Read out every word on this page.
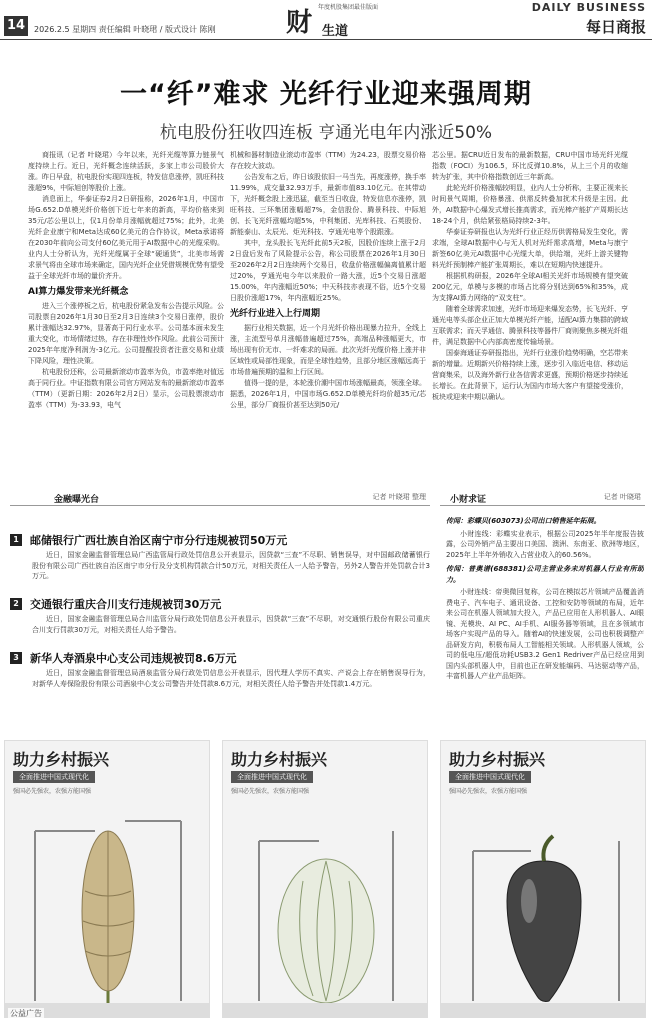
14	2026.2.5 星期四 责任编辑 叶晓珺 / 版式设计 陈刚	财
年度机股集团最佳版面
生道
DAILY BUSINESS
每日商报
一“纤”难求 光纤行业迎来强周期
杭电股份狂收四连板 亨通光电年内涨近50%

商报讯（记者 叶晓珺）今年以来，光纤光缆等算力链景气度持续上行。近日，光纤概念连续活跃，多家上市公司股价大涨。昨日早盘，杭电股份实现四连板，特发信息涨停，凯旺科技涨超9%，中际旭创等股价上涨。

消息面上，华泰证券2月2日研报称，2026年1月，中国市场G.652.D单模光纤价格创下近七年来的新高，平均价格来到35元/芯公里以上，仅1月份单月涨幅就超过75%；此外，北美光纤企业康宁和Meta达成60亿美元的合作协议，Meta承诺将在2030年前向公司支付60亿美元用于AI数据中心的光缆采购。业内人士分析认为，光纤光缆属于全球“硬通货”，北美市场需求景气将由全球市场来确定，国内光纤企业凭借规模优势有望受益于全球光纤市场的量价齐升。

AI算力爆发带来光纤概念

进入三个涨停板之后，杭电股份紧急发布公告提示风险。公司股票自2026年1月30日至2月3日连续3个交易日涨停，股价累计涨幅达32.97%，显著高于同行业水平。公司基本面未发生重大变化，市场情绪过热，存在非理性炒作风险。此前公司预计2025年年度净利润为-3亿元。公司提醒投资者注意交易和业绩下降风险，理性决策。

杭电股份还称，公司最新滚动市盈率为负，市盈率绝对值远高于同行业。中证指数有限公司官方网站发布的最新滚动市盈率（TTM）（更新日期：2026年2月2日）显示，公司股票滚动市盈率（TTM）为-33.93，电气

机械和器材制造业滚动市盈率（TTM）为24.23，股票交易价格存在较大波动。

公告发布之后，昨日该股依旧一马当先，再度涨停，换手率11.99%，成交量32.93万手，最新市值83.10亿元。在其带动下，光纤概念股上涨迅猛，截至当日收盘，特发信息亦涨停，凯旺科技、三环集团涨幅超7%，金信股份、腾景科技、中际旭创、长飞光纤涨幅均超5%，中利集团、光库科技、石英股份、新能泰山、太辰光、炬光科技、亨通光电等个股跟涨。

其中，龙头股长飞光纤此前5天2板，因股价连续上涨于2月2日盘后发布了风险提示公告，称公司股票在2026年1月30日至2026年2月2日连续两个交易日，收盘价格涨幅偏离值累计超过20%，亨通光电今年以来股价一路大涨，近5个交易日涨超15.00%，年内涨幅近50%；中天科技亦表现不俗，近5个交易日股价涨超17%，年内涨幅近25%。

光纤行业进入上行周期

据行业相关数据，近一个月光纤价格出现暴力拉升，全线上涨，主流型号单月涨幅普遍超过75%，高端品种涨幅更大，市场出现有价无市、一纤难求的局面。此次光纤光缆价格上涨并非区域性或局部性现象，而是全球性趋势，且部分地区涨幅远高于市场普遍预期的温和上行区间。

值得一提的是，本轮涨价潮中国市场涨幅最高，领涨全球。据悉，2026年1月，中国市场G.652.D单模光纤均价超35元/芯公里，部分厂商报价甚至达到50元/

芯公里。据CRU近日发布的最新数据，CRU中国市场光纤光缆指数（FOCI）为106.5，环比反弹10.8%，从上三个月的收缩转为扩张，其中价格指数创近三年新高。

此轮光纤价格涨幅较明显，业内人士分析称，主要正视来长时间景气周期，价格暴涨、供需反转叠加扰术升级是主因。此外，AI数据中心爆发式增长推高需求，而光棒产能扩产周期长达18-24个月，供给紧张格局持续2-3年。

华泰证券研报也认为光纤行业正经历供需格局发生变化，需求端，全球AI数据中心与无人机对光纤需求高增，Meta与康宁新签60亿美元AI数据中心光缆大单，供给端，光纤上游关键物料光纤预制棒产能扩张周期长，难以在短期内快速提升。

根据机构研报，2026年全球AI相关光纤市场规模有望突破200亿元，单模与多模的市场占比将分别达到65%和35%，成为支撑AI算力网络的“双支柱”。

随着全球需求加速，光纤市场迎来爆发态势，长飞光纤、亨通光电等头部企业正加大单模光纤产能，适配AI算力集群的跨域互联需求；而天孚通信、腾景科技等器件厂商则聚焦多模光纤组件，满足数据中心内部高密度传输场景。

国泰海通证券研报指出，光纤行业涨价趋势明确，空芯带来新的增量。近期新兴价格持续上涨，逐步引入临近电信、移动运营商集采，以及海外新行业各信需求更盛，预期价格逐步持续延长增长。在此背景下，运行认为国内市场大客户有望接受涨价，板块或迎来中期以确认。

金融曝光台	记者 叶晓珺 整理	小财求证	记者 叶晓珺
1 邮储银行广西壮族自治区南宁市分行违规被罚50万元
近日，国家金融监督管理总局广西监管局行政处罚信息公开表显示，因贷款“三查”不尽职、销售误导，对中国邮政储蓄银行股份有限公司广西壮族自治区南宁市分行及分支机构罚款合计50万元，对相关责任人一人给予警告，另外2人警告并处罚款合计3万元。
2 交通银行重庆合川支行违规被罚30万元
近日，国家金融监督管理总局合川监管分局行政处罚信息公开表显示，因贷款“三查”不尽职，对交通银行股份有限公司重庆合川支行罚款30万元，对相关责任人给予警告。
3 新华人寿酒泉中心支公司违规被罚8.6万元
近日，国家金融监督管理总局酒泉监管分局行政处罚信息公开表显示，因代理人学历不真实、产说会上存在销售误导行为，对新华人寿保险股份有限公司酒泉中心支公司警告并处罚款8.6万元，对相关责任人给予警告并处罚款1.4万元。

传闻：彩蝶贝(603073)公司出口销售延年拓展。

小财连线：彩蝶实业表示，根据公司2025年半年度报告披露，公司外销产品主要出口美国、澳洲、东南亚、欧洲等地区，2025年上半年外销收入占营业收入的60.56%。

传闻：普奥谱(688381)公司主营业务未对机器人行业有所助力。

小财连线：帝奥微回复称，公司在模拟芯片领域产品覆盖消费电子、汽车电子、通讯设备、工控和安防等领域的布局，近年来公司在机器人领域加大投入，产品已应用在人形机器人、AI眼镜、光模块、AI PC、AI手机、AI服务器等领域，且在多领域市场客户实现产品的导入。随着AI的快速发展，公司也积极调整产品研发方向，积极布局人工智能相关领域。人形机器人领域，公司的低电压/超低功耗USB3.2 Gen1 Redriver产品已经应用到国内头部机器人中，目前也正在研发能编码、马达驱动等产品，丰富机器人产业产品矩阵。

助力乡村振兴
全面推进中国式现代化
强国必先强农，农强方能国强
助力乡村振兴
全面推进中国式现代化
强国必先强农，农强方能国强
助力乡村振兴
全面推进中国式现代化
强国必先强农，农强方能国强
公益广告
